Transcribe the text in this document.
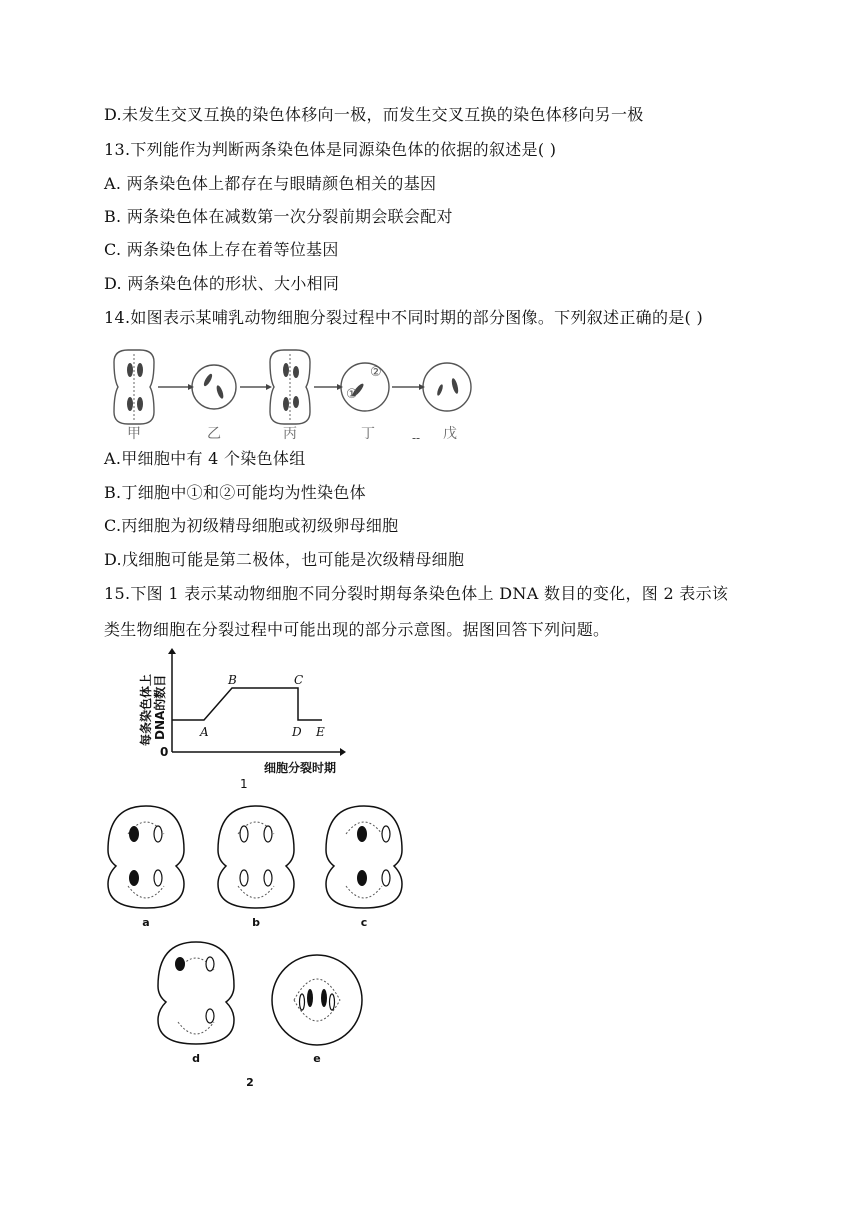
D.未发生交叉互换的染色体移向一极，而发生交叉互换的染色体移向另一极
13.下列能作为判断两条染色体是同源染色体的依据的叙述是( )
A. 两条染色体上都存在与眼睛颜色相关的基因
B. 两条染色体在减数第一次分裂前期会联会配对
C. 两条染色体上存在着等位基因
D. 两条染色体的形状、大小相同
14.如图表示某哺乳动物细胞分裂过程中不同时期的部分图像。下列叙述正确的是( )
A.甲细胞中有 4 个染色体组
B.丁细胞中①和②可能均为性染色体
C.丙细胞为初级精母细胞或初级卵母细胞
D.戊细胞可能是第二极体，也可能是次级精母细胞
15.下图 1 表示某动物细胞不同分裂时期每条染色体上 DNA 数目的变化，图 2 表示该
类生物细胞在分裂过程中可能出现的部分示意图。据图回答下列问题。
①
②
甲	乙	丙	丁	戊
--
每条染色体上 DNA的数目
0
细胞分裂时期
A
B	C
D E
1
a	b	c
d	e
2
